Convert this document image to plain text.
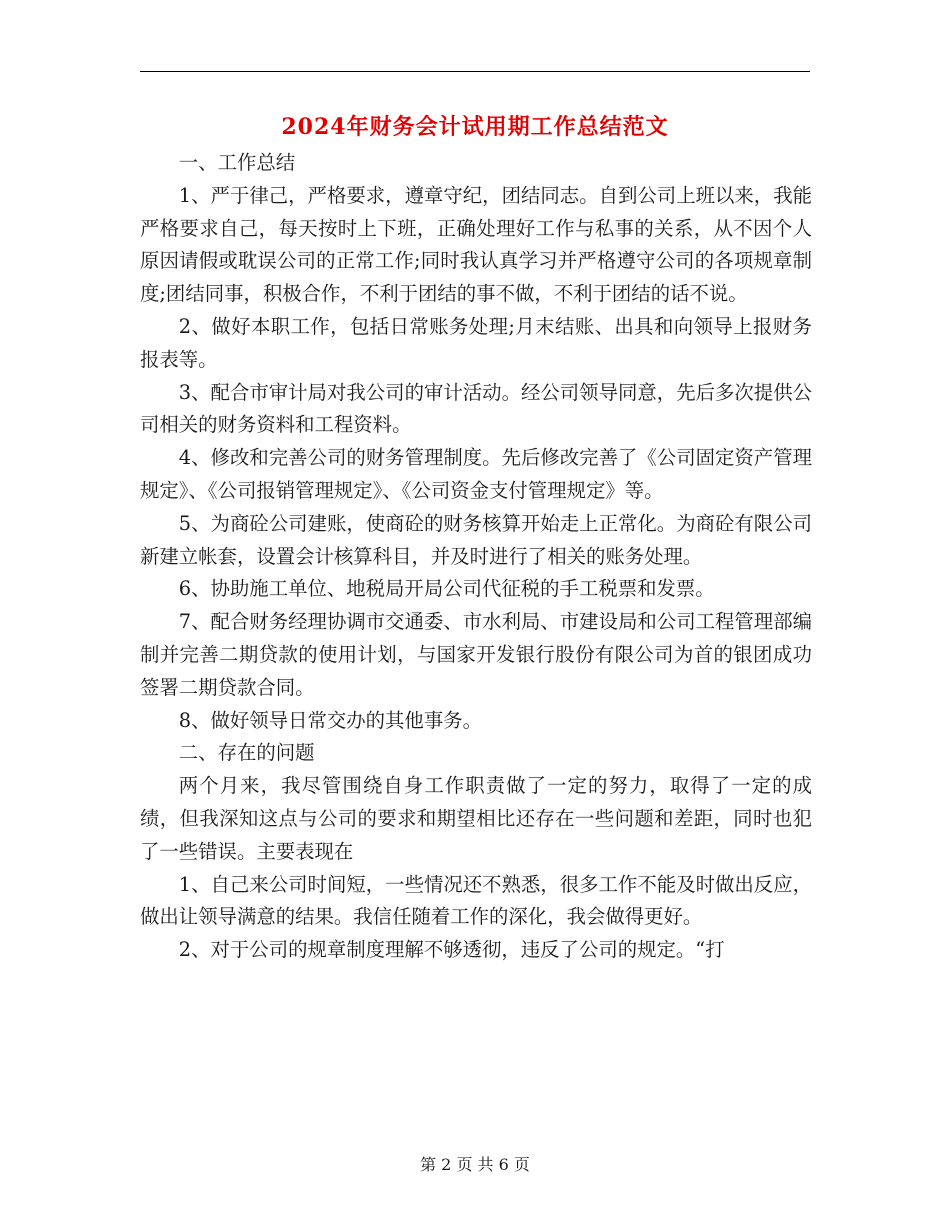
2024年财务会计试用期工作总结范文

一、工作总结

1、严于律己，严格要求，遵章守纪，团结同志。自到公司上班以来，我能严格要求自己，每天按时上下班，正确处理好工作与私事的关系，从不因个人原因请假或耽误公司的正常工作;同时我认真学习并严格遵守公司的各项规章制度;团结同事，积极合作，不利于团结的事不做，不利于团结的话不说。

2、做好本职工作，包括日常账务处理;月末结账、出具和向领导上报财务报表等。

3、配合市审计局对我公司的审计活动。经公司领导同意，先后多次提供公司相关的财务资料和工程资料。

4、修改和完善公司的财务管理制度。先后修改完善了《公司固定资产管理规定》、《公司报销管理规定》、《公司资金支付管理规定》等。

5、为商砼公司建账，使商砼的财务核算开始走上正常化。为商砼有限公司新建立帐套，设置会计核算科目，并及时进行了相关的账务处理。

6、协助施工单位、地税局开局公司代征税的手工税票和发票。

7、配合财务经理协调市交通委、市水利局、市建设局和公司工程管理部编制并完善二期贷款的使用计划，与国家开发银行股份有限公司为首的银团成功签署二期贷款合同。

8、做好领导日常交办的其他事务。

二、存在的问题

两个月来，我尽管围绕自身工作职责做了一定的努力，取得了一定的成绩，但我深知这点与公司的要求和期望相比还存在一些问题和差距，同时也犯了一些错误。主要表现在

1、自己来公司时间短，一些情况还不熟悉，很多工作不能及时做出反应，做出让领导满意的结果。我信任随着工作的深化，我会做得更好。

2、对于公司的规章制度理解不够透彻，违反了公司的规定。“打

第 2 页 共 6 页
